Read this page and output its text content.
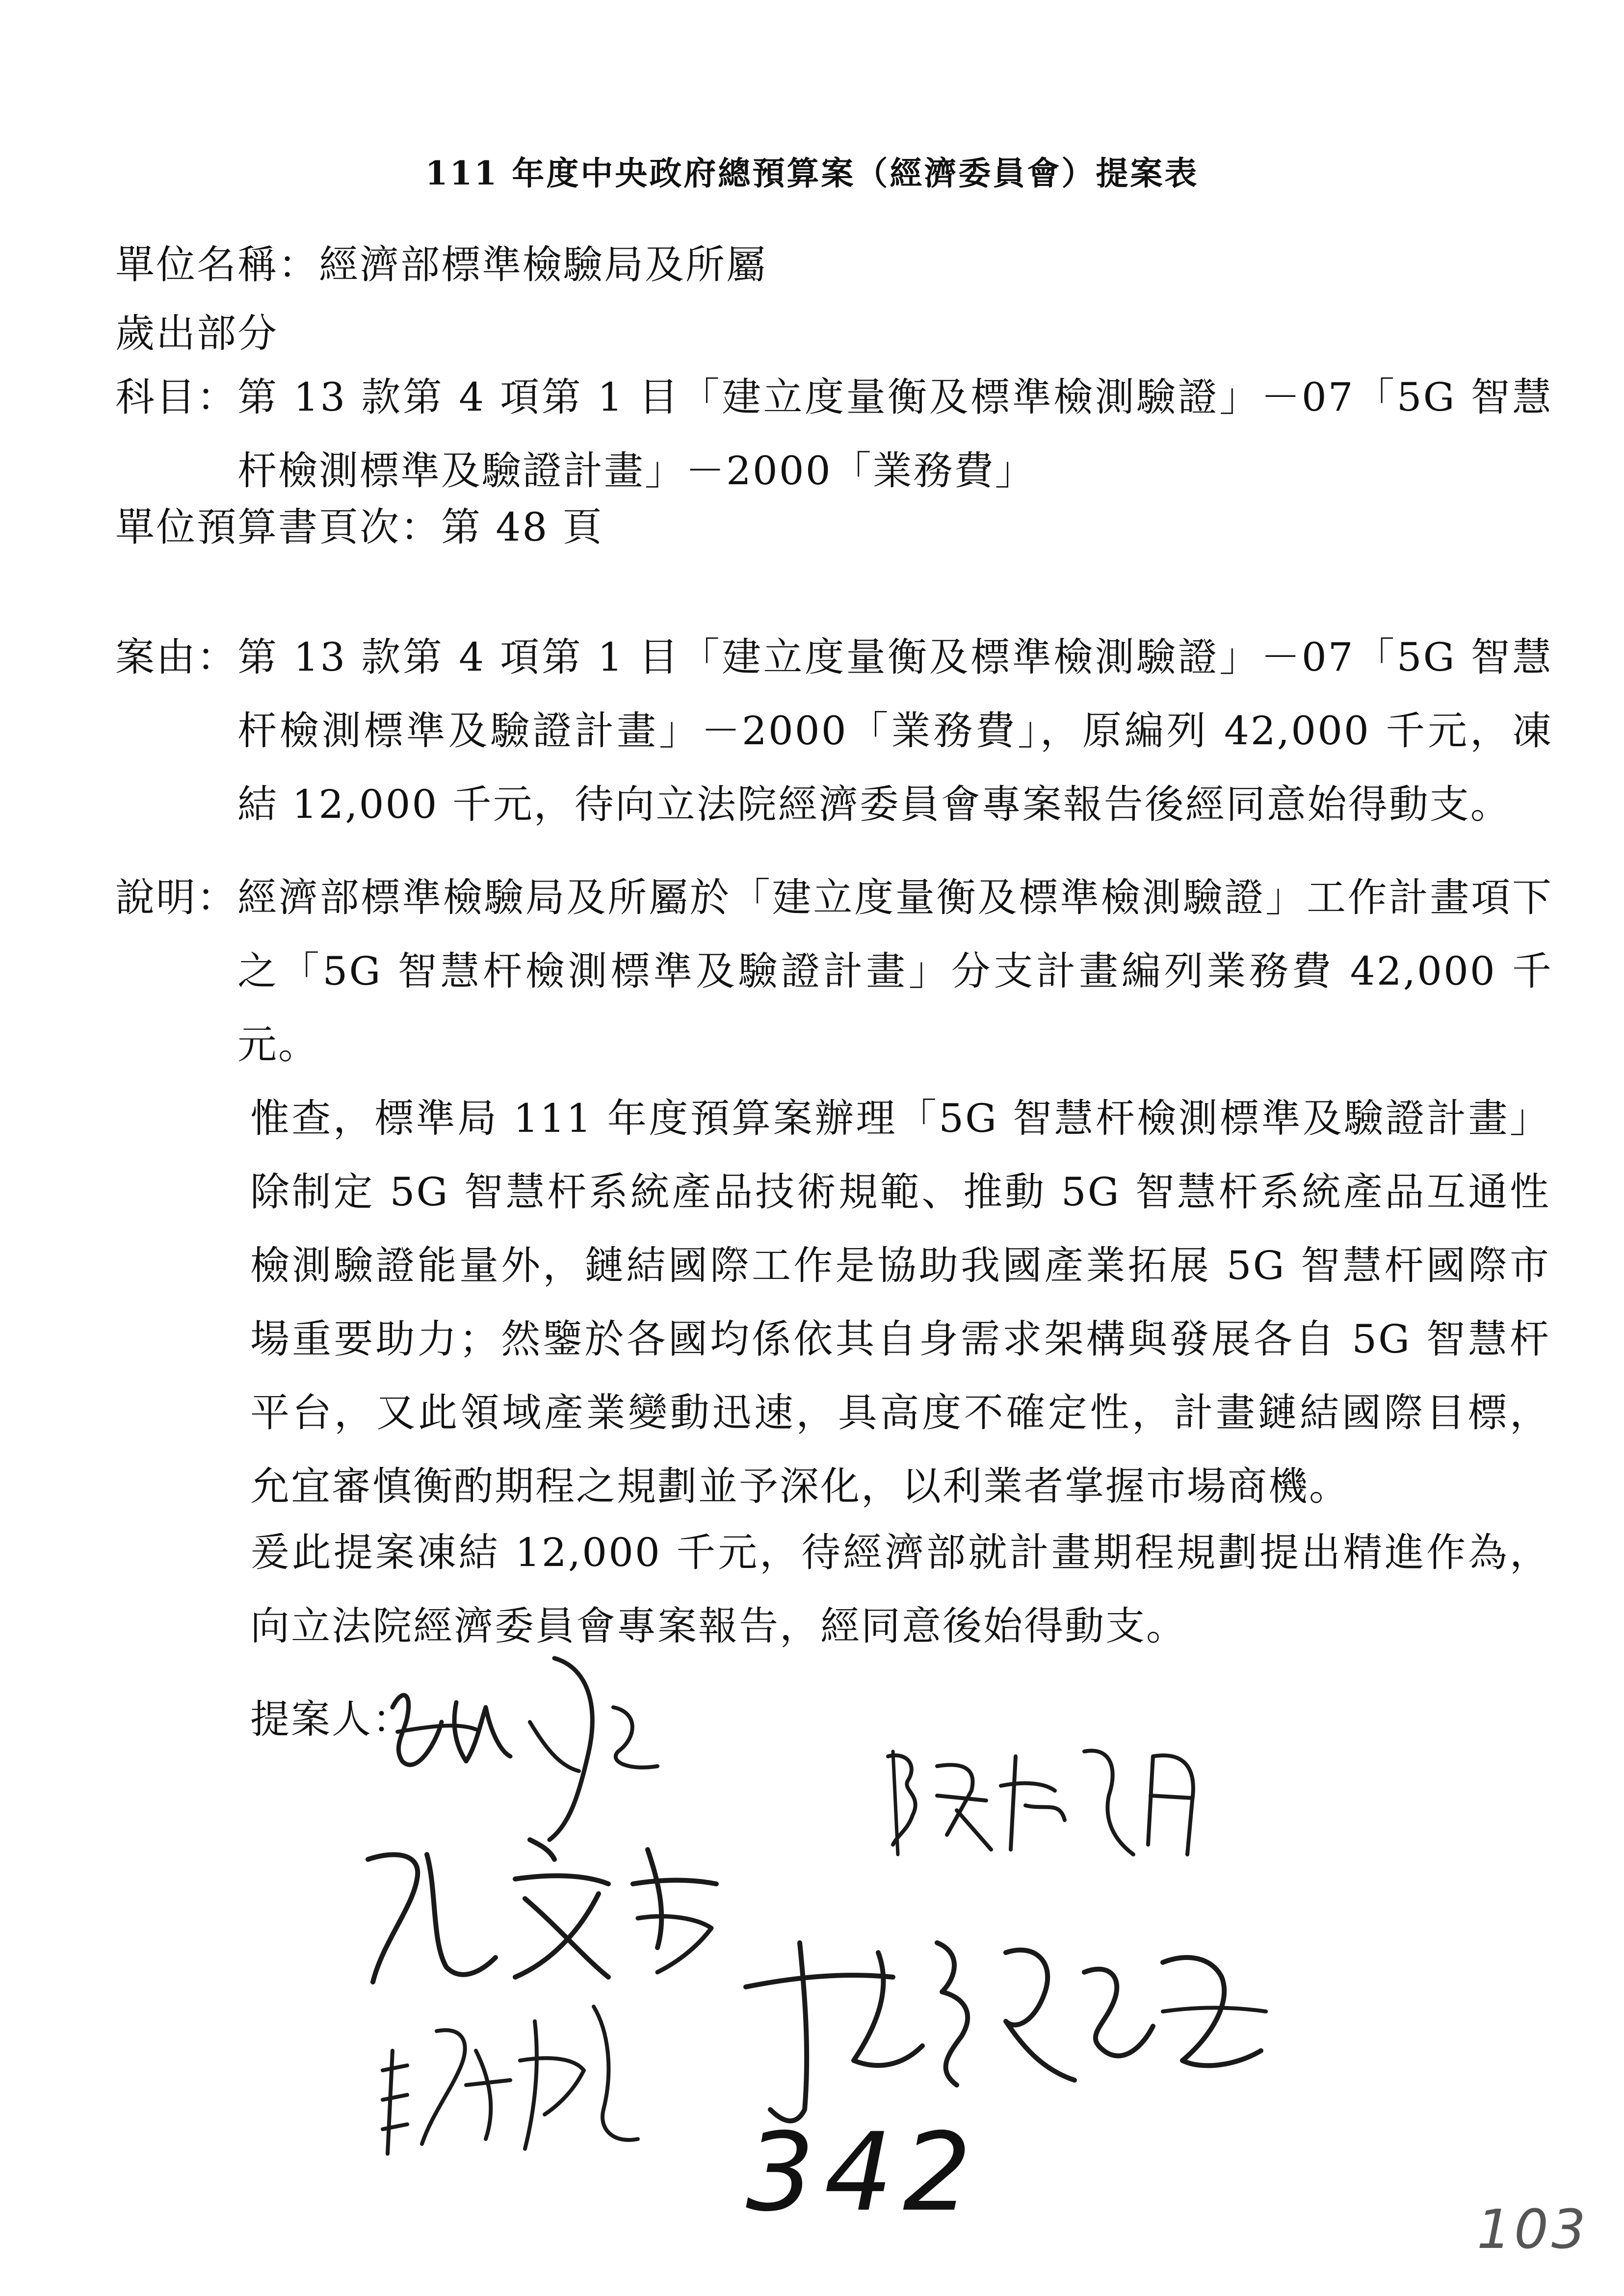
111 年度中央政府總預算案（經濟委員會）提案表
單位名稱：經濟部標準檢驗局及所屬
歲出部分
科目： 第 13 款第 4 項第 1 目「建立度量衡及標準檢測驗證」－07「5G 智慧杆檢測標準及驗證計畫」－2000「業務費」
單位預算書頁次：第 48 頁
案由： 第 13 款第 4 項第 1 目「建立度量衡及標準檢測驗證」－07「5G 智慧杆檢測標準及驗證計畫」－2000「業務費」，原編列 42,000 千元，凍結 12,000 千元，待向立法院經濟委員會專案報告後經同意始得動支。
說明： 經濟部標準檢驗局及所屬於「建立度量衡及標準檢測驗證」工作計畫項下之「5G 智慧杆檢測標準及驗證計畫」分支計畫編列業務費 42,000 千元。
惟查，標準局 111 年度預算案辦理「5G 智慧杆檢測標準及驗證計畫」除制定 5G 智慧杆系統產品技術規範、推動 5G 智慧杆系統產品互通性檢測驗證能量外，鏈結國際工作是協助我國產業拓展 5G 智慧杆國際市場重要助力；然鑒於各國均係依其自身需求架構與發展各自 5G 智慧杆平台，又此領域產業變動迅速，具高度不確定性，計畫鏈結國際目標，允宜審慎衡酌期程之規劃並予深化，以利業者掌握市場商機。
爰此提案凍結 12,000 千元，待經濟部就計畫期程規劃提出精進作為，向立法院經濟委員會專案報告，經同意後始得動支。
提案人：
342	103
